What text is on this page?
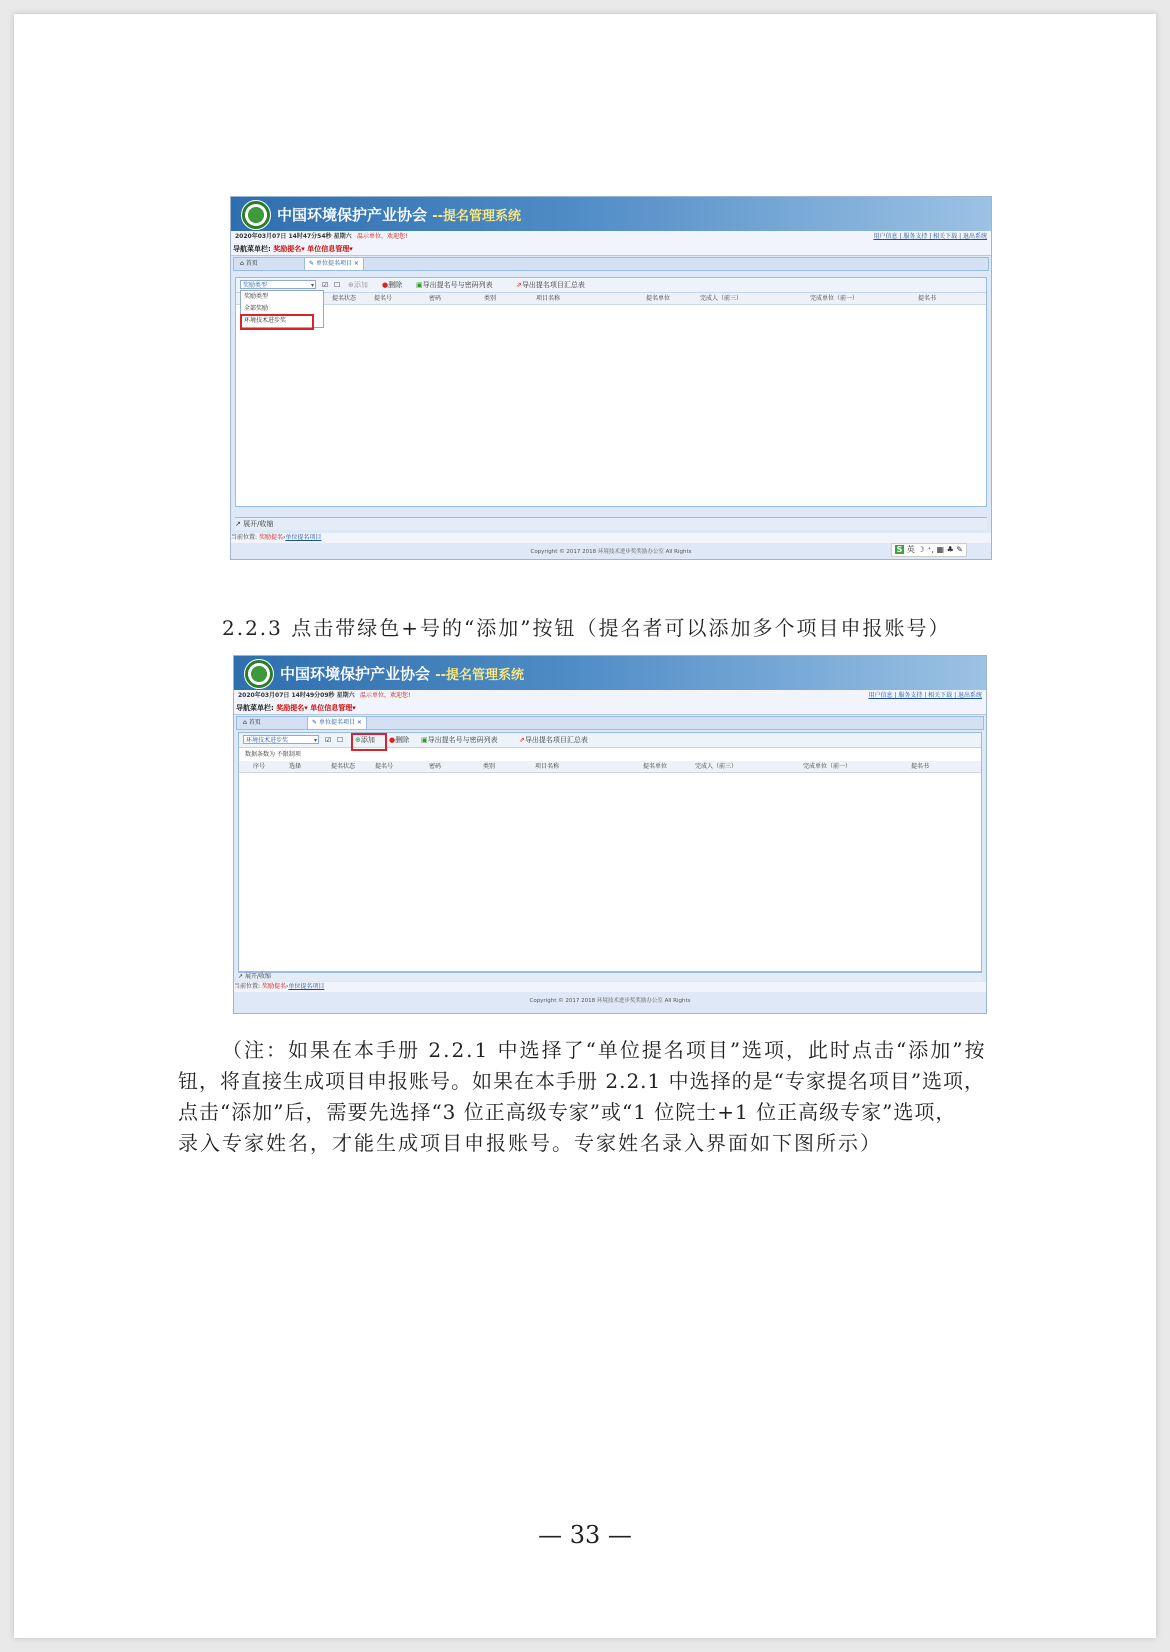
中国环境保护产业协会 --提名管理系统
2020年03月07日 14时47分54秒 星期六 温示单位，欢迎您!	用户信息 | 服务支持 | 相关下载 | 退出系统
导航菜单栏: 奖励提名▾ 单位信息管理▾
⌂ 首页	✎ 单位提名项目 ×
奖励类型 ▾	☑ ☐ ⊕添加 ●删除 ▣导出提名号与密码列表	⇗导出提名项目汇总表
提名状态	提名号	密码	类别	项目名称	提名单位	完成人（前三）	完成单位（前一）	提名书
奖励类型
全部奖励
环境技术进步奖
↗ 展开/收缩
当前位置: 奖励提名›单位提名项目
Copyright © 2017 2018 环境技术进步奖奖励办公室 All Rights	S 英 ☽ ⁺, ▦ ♣ ✎
2.2.3 点击带绿色+号的“添加”按钮（提名者可以添加多个项目申报账号）
中国环境保护产业协会 --提名管理系统
2020年03月07日 14时49分09秒 星期六 温示单位，欢迎您!	用户信息 | 服务支持 | 相关下载 | 退出系统
导航菜单栏: 奖励提名▾ 单位信息管理▾
⌂ 首页	✎ 单位提名项目 ×
环境技术进步奖 ▾	☑ ☐ ⊕添加 ●删除 ▣导出提名号与密码列表	⇗导出提名项目汇总表
数据条数为 不限制项
序号	选择	提名状态	提名号	密码	类别	项目名称	提名单位	完成人（前三）	完成单位（前一）	提名书
↗ 展开/收缩
当前位置: 奖励提名›单位提名项目
Copyright © 2017 2018 环境技术进步奖奖励办公室 All Rights
（注：如果在本手册 2.2.1 中选择了“单位提名项目”选项，此时点击“添加”按
钮，将直接生成项目申报账号。如果在本手册 2.2.1 中选择的是“专家提名项目”选项，
点击“添加”后，需要先选择“3 位正高级专家”或“1 位院士+1 位正高级专家”选项，
录入专家姓名，才能生成项目申报账号。专家姓名录入界面如下图所示）
— 33 —
